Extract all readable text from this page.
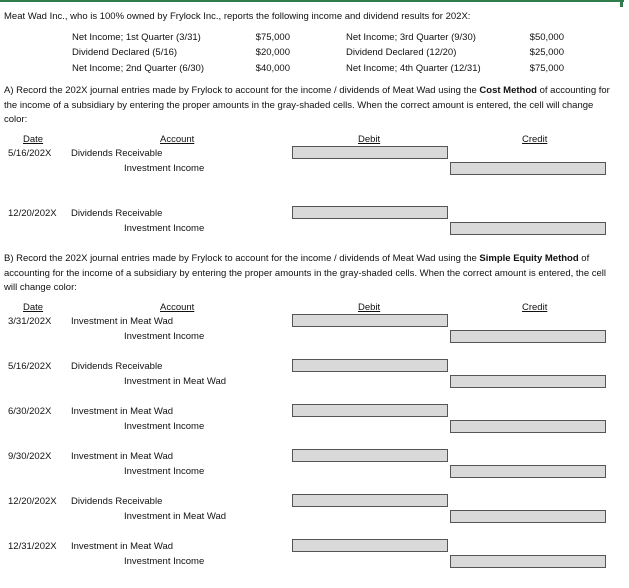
Meat Wad Inc., who is 100% owned by Frylock Inc., reports the following income and dividend results for 202X:
Net Income; 1st Quarter (3/31)	$75,000
Dividend Declared (5/16)	$20,000
Net Income; 2nd Quarter (6/30)	$40,000
Net Income; 3rd Quarter (9/30)	$50,000
Dividend Declared (12/20)	$25,000
Net Income; 4th Quarter (12/31)	$75,000
A) Record the 202X journal entries made by Frylock to account for the income / dividends of Meat Wad using the Cost Method of accounting for the income of a subsidiary by entering the proper amounts in the gray-shaded cells. When the correct amount is entered, the cell will change color:
Date	Account	Debit	Credit
5/16/202X Dividends Receivable
Investment Income
12/20/202X Dividends Receivable
Investment Income
B) Record the 202X journal entries made by Frylock to account for the income / dividends of Meat Wad using the Simple Equity Method of accounting for the income of a subsidiary by entering the proper amounts in the gray-shaded cells. When the correct amount is entered, the cell will change color:
Date	Account	Debit	Credit
3/31/202X Investment in Meat Wad
Investment Income
5/16/202X Dividends Receivable
Investment in Meat Wad
6/30/202X Investment in Meat Wad
Investment Income
9/30/202X Investment in Meat Wad
Investment Income
12/20/202X Dividends Receivable
Investment in Meat Wad
12/31/202X Investment in Meat Wad
Investment Income
